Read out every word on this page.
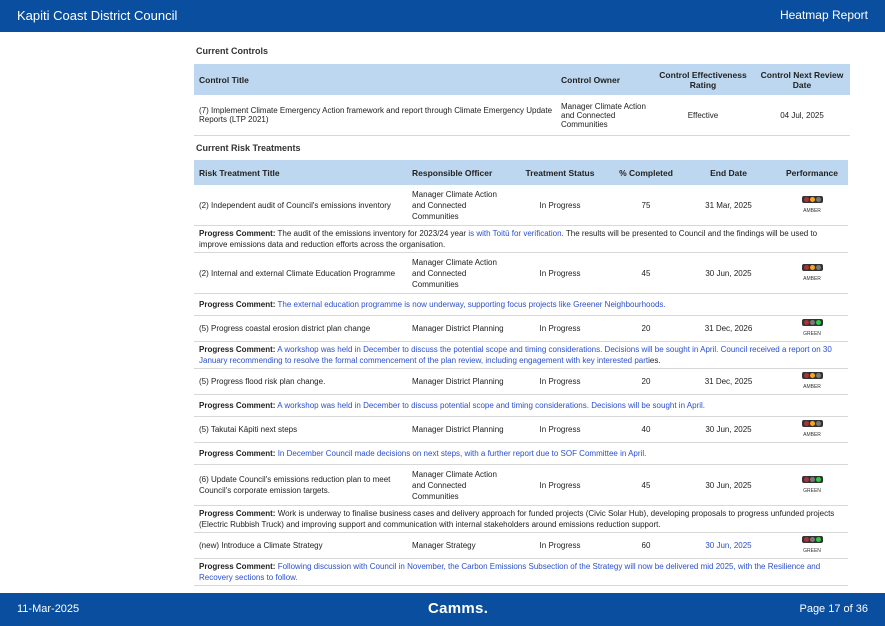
Kapiti Coast District Council	Heatmap Report
Current Controls
Control Title	Control Owner	Control Effectiveness Rating	Control Next Review Date
(7) Implement Climate Emergency Action framework and report through Climate Emergency Update Reports (LTP 2021)	Manager Climate Action and Connected Communities	Effective	04 Jul, 2025
Current Risk Treatments
Risk Treatment Title	Responsible Officer	Treatment Status	% Completed	End Date	Performance
(2) Independent audit of Council's emissions inventory	Manager Climate Action and Connected Communities	In Progress	75	31 Mar, 2025	AMBER

Progress Comment: The audit of the emissions inventory for 2023/24 year is with Toitū for verification. The results will be presented to Council and the findings will be used to improve emissions data and reduction efforts across the organisation.					
(2) Internal and external Climate Education Programme	Manager Climate Action and Connected Communities	In Progress	45	30 Jun, 2025	AMBER

Progress Comment: The external education programme is now underway, supporting focus projects like Greener Neighbourhoods.					
(5) Progress coastal erosion district plan change	Manager District Planning	In Progress	20	31 Dec, 2026	GREEN

Progress Comment: A workshop was held in December to discuss the potential scope and timing considerations. Decisions will be sought in April. Council received a report on 30 January recommending to resolve the formal commencement of the plan review, including engagement with key interested parties.					
(5) Progress flood risk plan change.	Manager District Planning	In Progress	20	31 Dec, 2025	AMBER

Progress Comment: A workshop was held in December to discuss potential scope and timing considerations. Decisions will be sought in April.					
(5) Takutai Kāpiti next steps	Manager District Planning	In Progress	40	30 Jun, 2025	AMBER

Progress Comment: In December Council made decisions on next steps, with a further report due to SOF Committee in April.					
(6) Update Council's emissions reduction plan to meet Council's corporate emission targets.	Manager Climate Action and Connected Communities	In Progress	45	30 Jun, 2025	GREEN

Progress Comment: Work is underway to finalise business cases and delivery approach for funded projects (Civic Solar Hub), developing proposals to progress unfunded projects (Electric Rubbish Truck) and improving support and communication with internal stakeholders around emissions reduction support.					
(new) Introduce a Climate Strategy	Manager Strategy	In Progress	60	30 Jun, 2025	GREEN

Progress Comment: Following discussion with Council in November, the Carbon Emissions Subsection of the Strategy will now be delivered mid 2025, with the Resilience and Recovery sections to follow.					
11-Mar-2025	Camms.	Page 17 of 36
